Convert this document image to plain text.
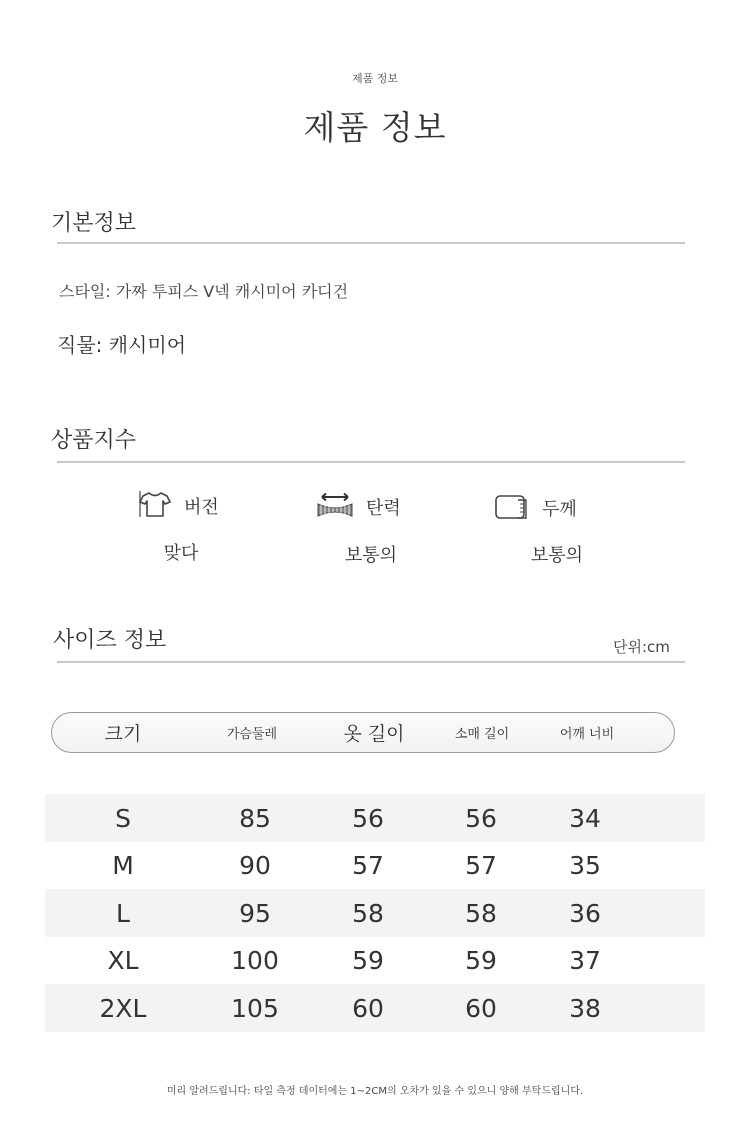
제품 정보
제품 정보
기본정보
스타일: 가짜 투피스 V넥 캐시미어 카디건
직물: 캐시미어
상품지수
버전
맞다
탄력
보통의
두께
보통의
사이즈 정보	단위:cm
크기	가슴둘레	옷 길이	소매 길이	어깨 너비
S	85	56	56	34
M	90	57	57	35
L	95	58	58	36
XL	100	59	59	37
2XL	105	60	60	38
미리 알려드립니다: 타일 측정 데이터에는 1~2CM의 오차가 있을 수 있으니 양해 부탁드립니다.
